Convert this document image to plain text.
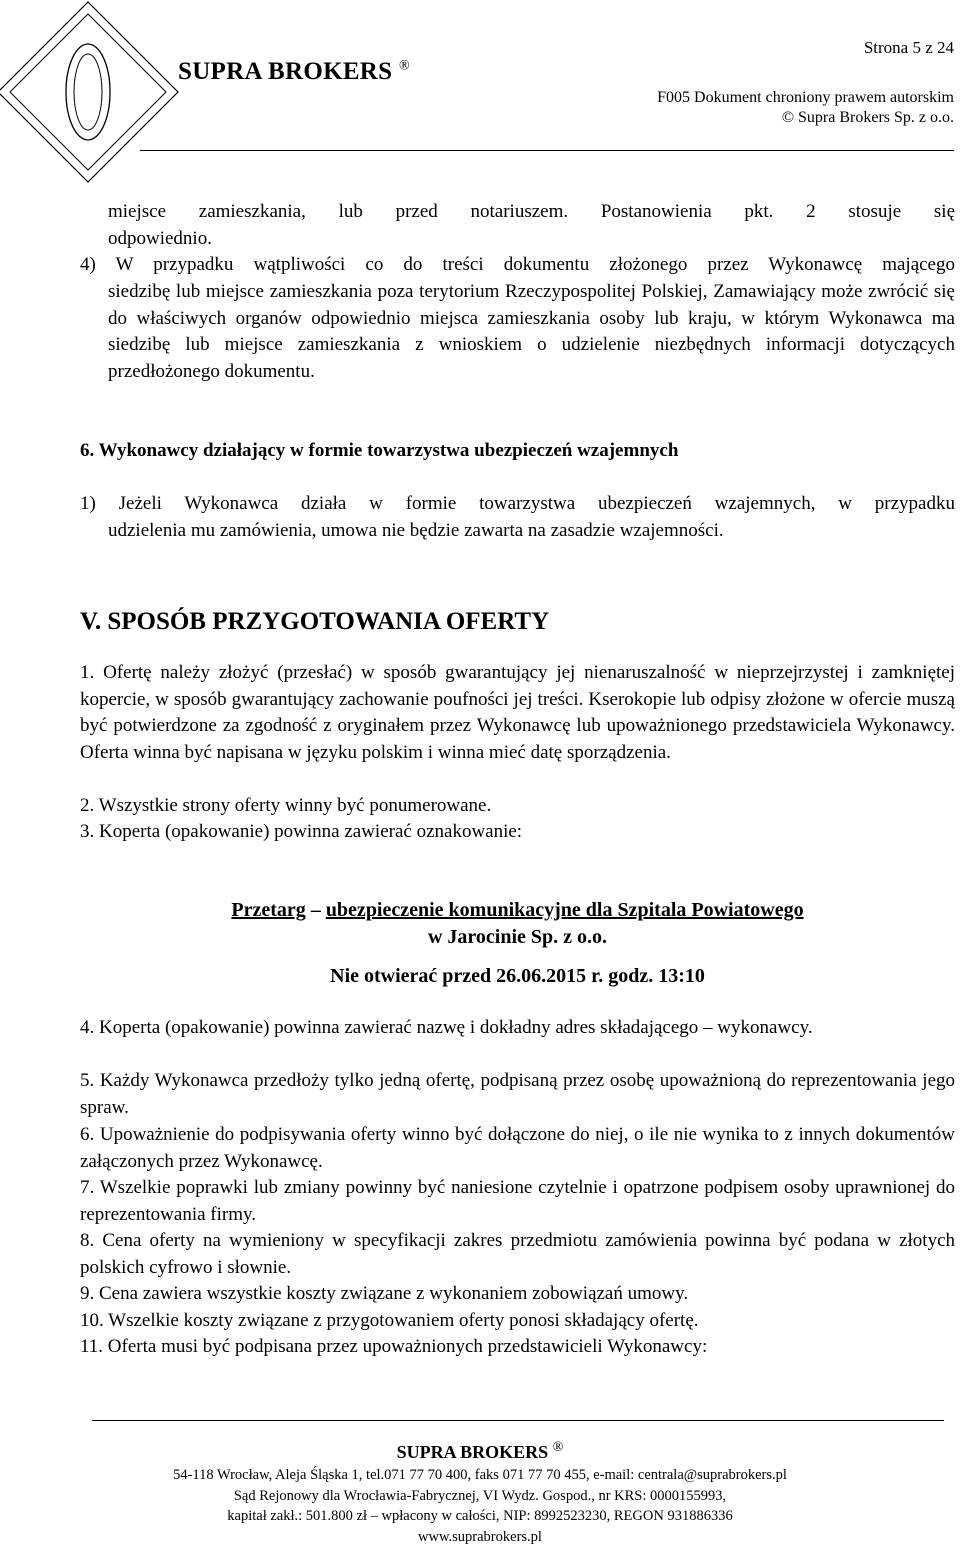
SUPRA BROKERS ®
Strona 5 z 24
F005 Dokument chroniony prawem autorskim
© Supra Brokers Sp. z o.o.
miejsce zamieszkania, lub przed notariuszem. Postanowienia pkt. 2 stosuje się
odpowiednio.
4) W przypadku wątpliwości co do treści dokumentu złożonego przez Wykonawcę mającego
siedzibę lub miejsce zamieszkania poza terytorium Rzeczypospolitej Polskiej, Zamawiający może zwrócić się do właściwych organów odpowiednio miejsca zamieszkania osoby lub kraju, w którym Wykonawca ma siedzibę lub miejsce zamieszkania z wnioskiem o udzielenie niezbędnych informacji dotyczących przedłożonego dokumentu.
6. Wykonawcy działający w formie towarzystwa ubezpieczeń wzajemnych
1) Jeżeli Wykonawca działa w formie towarzystwa ubezpieczeń wzajemnych, w przypadku
udzielenia mu zamówienia, umowa nie będzie zawarta na zasadzie wzajemności.
V. SPOSÓB PRZYGOTOWANIA OFERTY
1. Ofertę należy złożyć (przesłać) w sposób gwarantujący jej nienaruszalność w nieprzejrzystej i zamkniętej kopercie, w sposób gwarantujący zachowanie poufności jej treści. Kserokopie lub odpisy złożone w ofercie muszą być potwierdzone za zgodność z oryginałem przez Wykonawcę lub upoważnionego przedstawiciela Wykonawcy. Oferta winna być napisana w języku polskim i winna mieć datę sporządzenia.
2. Wszystkie strony oferty winny być ponumerowane.
3. Koperta (opakowanie) powinna zawierać oznakowanie:
Przetarg – ubezpieczenie komunikacyjne dla Szpitala Powiatowego
w Jarocinie Sp. z o.o.
Nie otwierać przed 26.06.2015 r. godz. 13:10
4. Koperta (opakowanie) powinna zawierać nazwę i dokładny adres składającego – wykonawcy.
5. Każdy Wykonawca przedłoży tylko jedną ofertę, podpisaną przez osobę upoważnioną do reprezentowania jego spraw.
6. Upoważnienie do podpisywania oferty winno być dołączone do niej, o ile nie wynika to z innych dokumentów załączonych przez Wykonawcę.
7. Wszelkie poprawki lub zmiany powinny być naniesione czytelnie i opatrzone podpisem osoby uprawnionej do reprezentowania firmy.
8. Cena oferty na wymieniony w specyfikacji zakres przedmiotu zamówienia powinna być podana w złotych polskich cyfrowo i słownie.
9. Cena zawiera wszystkie koszty związane z wykonaniem zobowiązań umowy.
10. Wszelkie koszty związane z przygotowaniem oferty ponosi składający ofertę.
11. Oferta musi być podpisana przez upoważnionych przedstawicieli Wykonawcy:
SUPRA BROKERS ®
54-118 Wrocław, Aleja Śląska 1, tel.071 77 70 400, faks 071 77 70 455, e-mail: centrala@suprabrokers.pl
Sąd Rejonowy dla Wrocławia-Fabrycznej, VI Wydz. Gospod., nr KRS: 0000155993,
kapitał zakł.: 501.800 zł – wpłacony w całości, NIP: 8992523230, REGON 931886336
www.suprabrokers.pl
